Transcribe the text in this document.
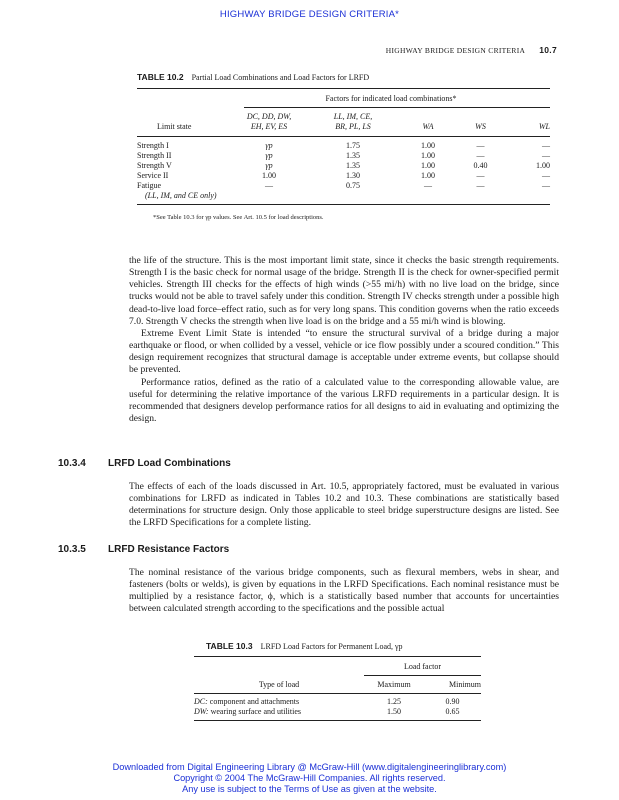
HIGHWAY BRIDGE DESIGN CRITERIA*
HIGHWAY BRIDGE DESIGN CRITERIA 10.7
TABLE 10.2 Partial Load Combinations and Load Factors for LRFD
Factors for indicated load combinations*
	DC, DD, DW,	LL, IM, CE,			
Limit state	EH, EV, ES	BR, PL, LS	WA	WS	WL

Strength I	γp	1.75	1.00	—	—
Strength II	γp	1.35	1.00	—	—
Strength V	γp	1.35	1.00	0.40	1.00
Service II	1.00	1.30	1.00	—	—
Fatigue	—	0.75	—	—	—
(LL, IM, and CE only)					

*See Table 10.3 for γp values. See Art. 10.5 for load descriptions.

the life of the structure. This is the most important limit state, since it checks the basic strength requirements. Strength I is the basic check for normal usage of the bridge. Strength II is the check for owner-specified permit vehicles. Strength III checks for the effects of high winds (>55 mi/h) with no live load on the bridge, since trucks would not be able to travel safely under this condition. Strength IV checks strength under a possible high dead-to-live load force–effect ratio, such as for very long spans. This condition governs when the ratio exceeds 7.0. Strength V checks the strength when live load is on the bridge and a 55 mi/h wind is blowing.

Extreme Event Limit State is intended “to ensure the structural survival of a bridge during a major earthquake or flood, or when collided by a vessel, vehicle or ice flow possibly under a scoured condition.” This design requirement recognizes that structural damage is acceptable under extreme events, but collapse should be prevented.

Performance ratios, defined as the ratio of a calculated value to the corresponding allowable value, are useful for determining the relative importance of the various LRFD requirements in a particular design. It is recommended that designers develop performance ratios for all designs to aid in evaluating and optimizing the design.

10.3.4 LRFD Load Combinations

The effects of each of the loads discussed in Art. 10.5, appropriately factored, must be evaluated in various combinations for LRFD as indicated in Tables 10.2 and 10.3. These combinations are statistically based determinations for structure design. Only those applicable to steel bridge superstructure designs are listed. See the LRFD Specifications for a complete listing.

10.3.5 LRFD Resistance Factors

The nominal resistance of the various bridge components, such as flexural members, webs in shear, and fasteners (bolts or welds), is given by equations in the LRFD Specifications. Each nominal resistance must be multiplied by a resistance factor, ϕ, which is a statistically based number that accounts for uncertainties between calculated strength according to the specifications and the possible actual

TABLE 10.3 LRFD Load Factors for Permanent Load, γp
Load factor
Type of load	Maximum	Minimum

DC: component and attachments	1.25	0.90
DW: wearing surface and utilities	1.50	0.65

Downloaded from Digital Engineering Library @ McGraw-Hill (www.digitalengineeringlibrary.com)
Copyright © 2004 The McGraw-Hill Companies. All rights reserved.
Any use is subject to the Terms of Use as given at the website.
